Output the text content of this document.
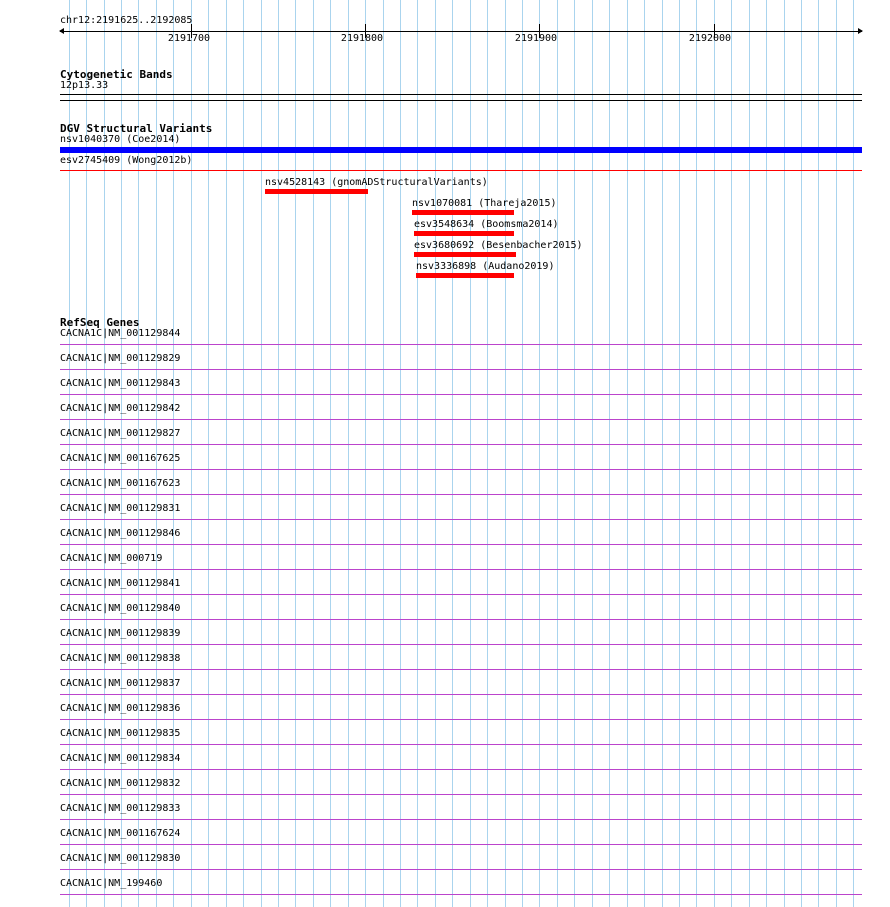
chr12:2191625..2192085
2191700	2191800	2191900	2192000
Cytogenetic Bands
12p13.33
DGV Structural Variants
nsv1040370 (Coe2014)
esv2745409 (Wong2012b)
nsv4528143 (gnomADStructuralVariants)
nsv1070081 (Thareja2015)
esv3548634 (Boomsma2014)
esv3680692 (Besenbacher2015)
nsv3336898 (Audano2019)
RefSeq Genes
CACNA1C|NM_001129844
CACNA1C|NM_001129829
CACNA1C|NM_001129843
CACNA1C|NM_001129842
CACNA1C|NM_001129827
CACNA1C|NM_001167625
CACNA1C|NM_001167623
CACNA1C|NM_001129831
CACNA1C|NM_001129846
CACNA1C|NM_000719
CACNA1C|NM_001129841
CACNA1C|NM_001129840
CACNA1C|NM_001129839
CACNA1C|NM_001129838
CACNA1C|NM_001129837
CACNA1C|NM_001129836
CACNA1C|NM_001129835
CACNA1C|NM_001129834
CACNA1C|NM_001129832
CACNA1C|NM_001129833
CACNA1C|NM_001167624
CACNA1C|NM_001129830
CACNA1C|NM_199460
